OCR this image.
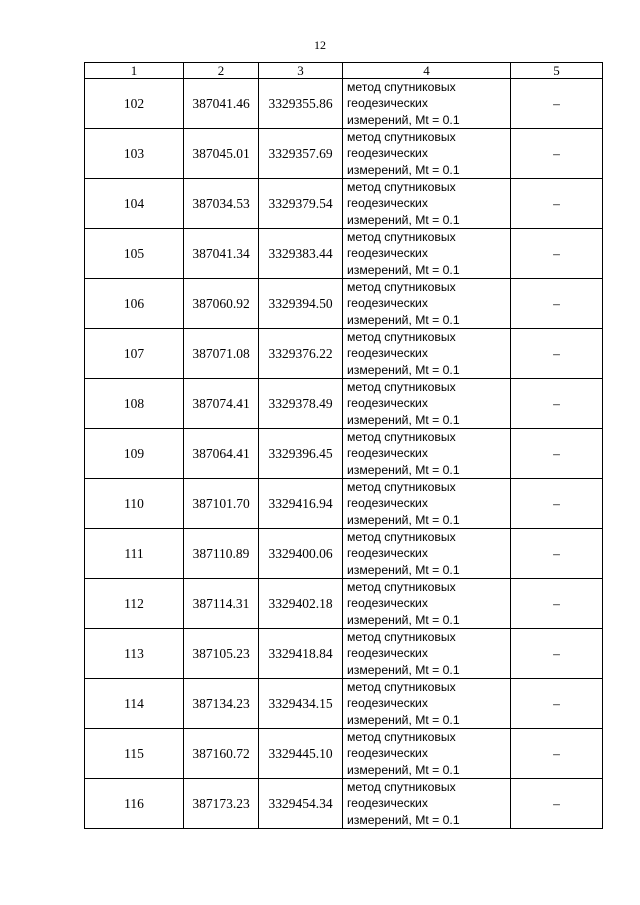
12
1	2	3	4	5
102	387041.46	3329355.86	метод спутниковых
геодезических
измерений, Mt = 0.1	–
103	387045.01	3329357.69	метод спутниковых
геодезических
измерений, Mt = 0.1	–
104	387034.53	3329379.54	метод спутниковых
геодезических
измерений, Mt = 0.1	–
105	387041.34	3329383.44	метод спутниковых
геодезических
измерений, Mt = 0.1	–
106	387060.92	3329394.50	метод спутниковых
геодезических
измерений, Mt = 0.1	–
107	387071.08	3329376.22	метод спутниковых
геодезических
измерений, Mt = 0.1	–
108	387074.41	3329378.49	метод спутниковых
геодезических
измерений, Mt = 0.1	–
109	387064.41	3329396.45	метод спутниковых
геодезических
измерений, Mt = 0.1	–
110	387101.70	3329416.94	метод спутниковых
геодезических
измерений, Mt = 0.1	–
111	387110.89	3329400.06	метод спутниковых
геодезических
измерений, Mt = 0.1	–
112	387114.31	3329402.18	метод спутниковых
геодезических
измерений, Mt = 0.1	–
113	387105.23	3329418.84	метод спутниковых
геодезических
измерений, Mt = 0.1	–
114	387134.23	3329434.15	метод спутниковых
геодезических
измерений, Mt = 0.1	–
115	387160.72	3329445.10	метод спутниковых
геодезических
измерений, Mt = 0.1	–
116	387173.23	3329454.34	метод спутниковых
геодезических
измерений, Mt = 0.1	–
